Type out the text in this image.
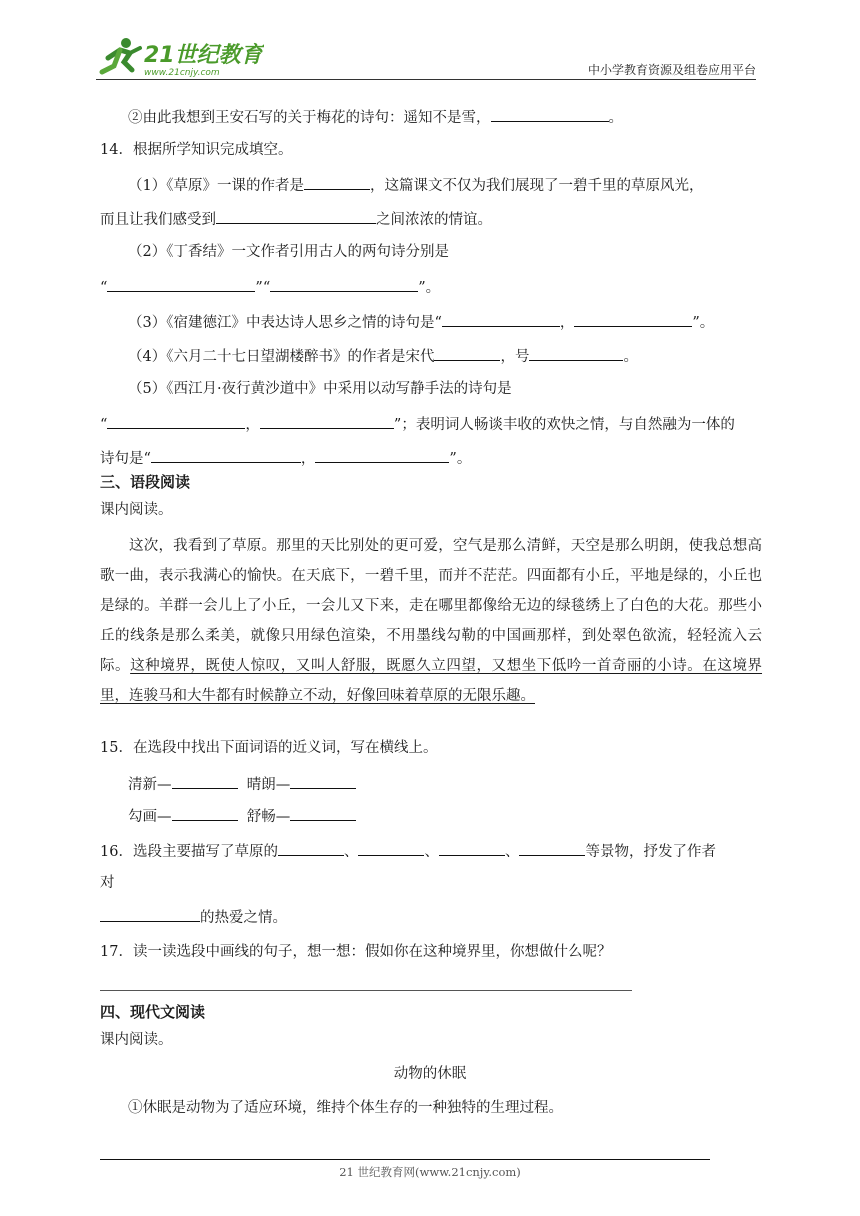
21世纪教育
www.21cnjy.com	中小学教育资源及组卷应用平台
②由此我想到王安石写的关于梅花的诗句：遥知不是雪，	。
14．根据所学知识完成填空。
（1）《草原》一课的作者是	，这篇课文不仅为我们展现了一碧千里的草原风光，
而且让我们感受到	之间浓浓的情谊。
（2）《丁香结》一文作者引用古人的两句诗分别是
“	”“	”。
（3）《宿建德江》中表达诗人思乡之情的诗句是“	，	”。
（4）《六月二十七日望湖楼醉书》的作者是宋代	，号	。
（5）《西江月·夜行黄沙道中》中采用以动写静手法的诗句是
“	，	”；表明词人畅谈丰收的欢快之情，与自然融为一体的
诗句是“	，	”。
三、语段阅读
课内阅读。
这次，我看到了草原。那里的天比别处的更可爱，空气是那么清鲜，天空是那么明朗，使我总想高歌一曲，表示我满心的愉快。在天底下，一碧千里，而并不茫茫。四面都有小丘，平地是绿的，小丘也是绿的。羊群一会儿上了小丘，一会儿又下来，走在哪里都像给无边的绿毯绣上了白色的大花。那些小丘的线条是那么柔美，就像只用绿色渲染，不用墨线勾勒的中国画那样，到处翠色欲流，轻轻流入云际。这种境界，既使人惊叹，又叫人舒服，既愿久立四望，又想坐下低吟一首奇丽的小诗。在这境界里，连骏马和大牛都有时候静立不动，好像回味着草原的无限乐趣。
15．在选段中找出下面词语的近义词，写在横线上。
清新—	晴朗—
勾画—	舒畅—
16．选段主要描写了草原的	、	、	、	等景物，抒发了作者
对
的热爱之情。
17．读一读选段中画线的句子，想一想：假如你在这种境界里，你想做什么呢？
四、现代文阅读
课内阅读。
动物的休眠
①休眠是动物为了适应环境，维持个体生存的一种独特的生理过程。
21 世纪教育网(www.21cnjy.com)
